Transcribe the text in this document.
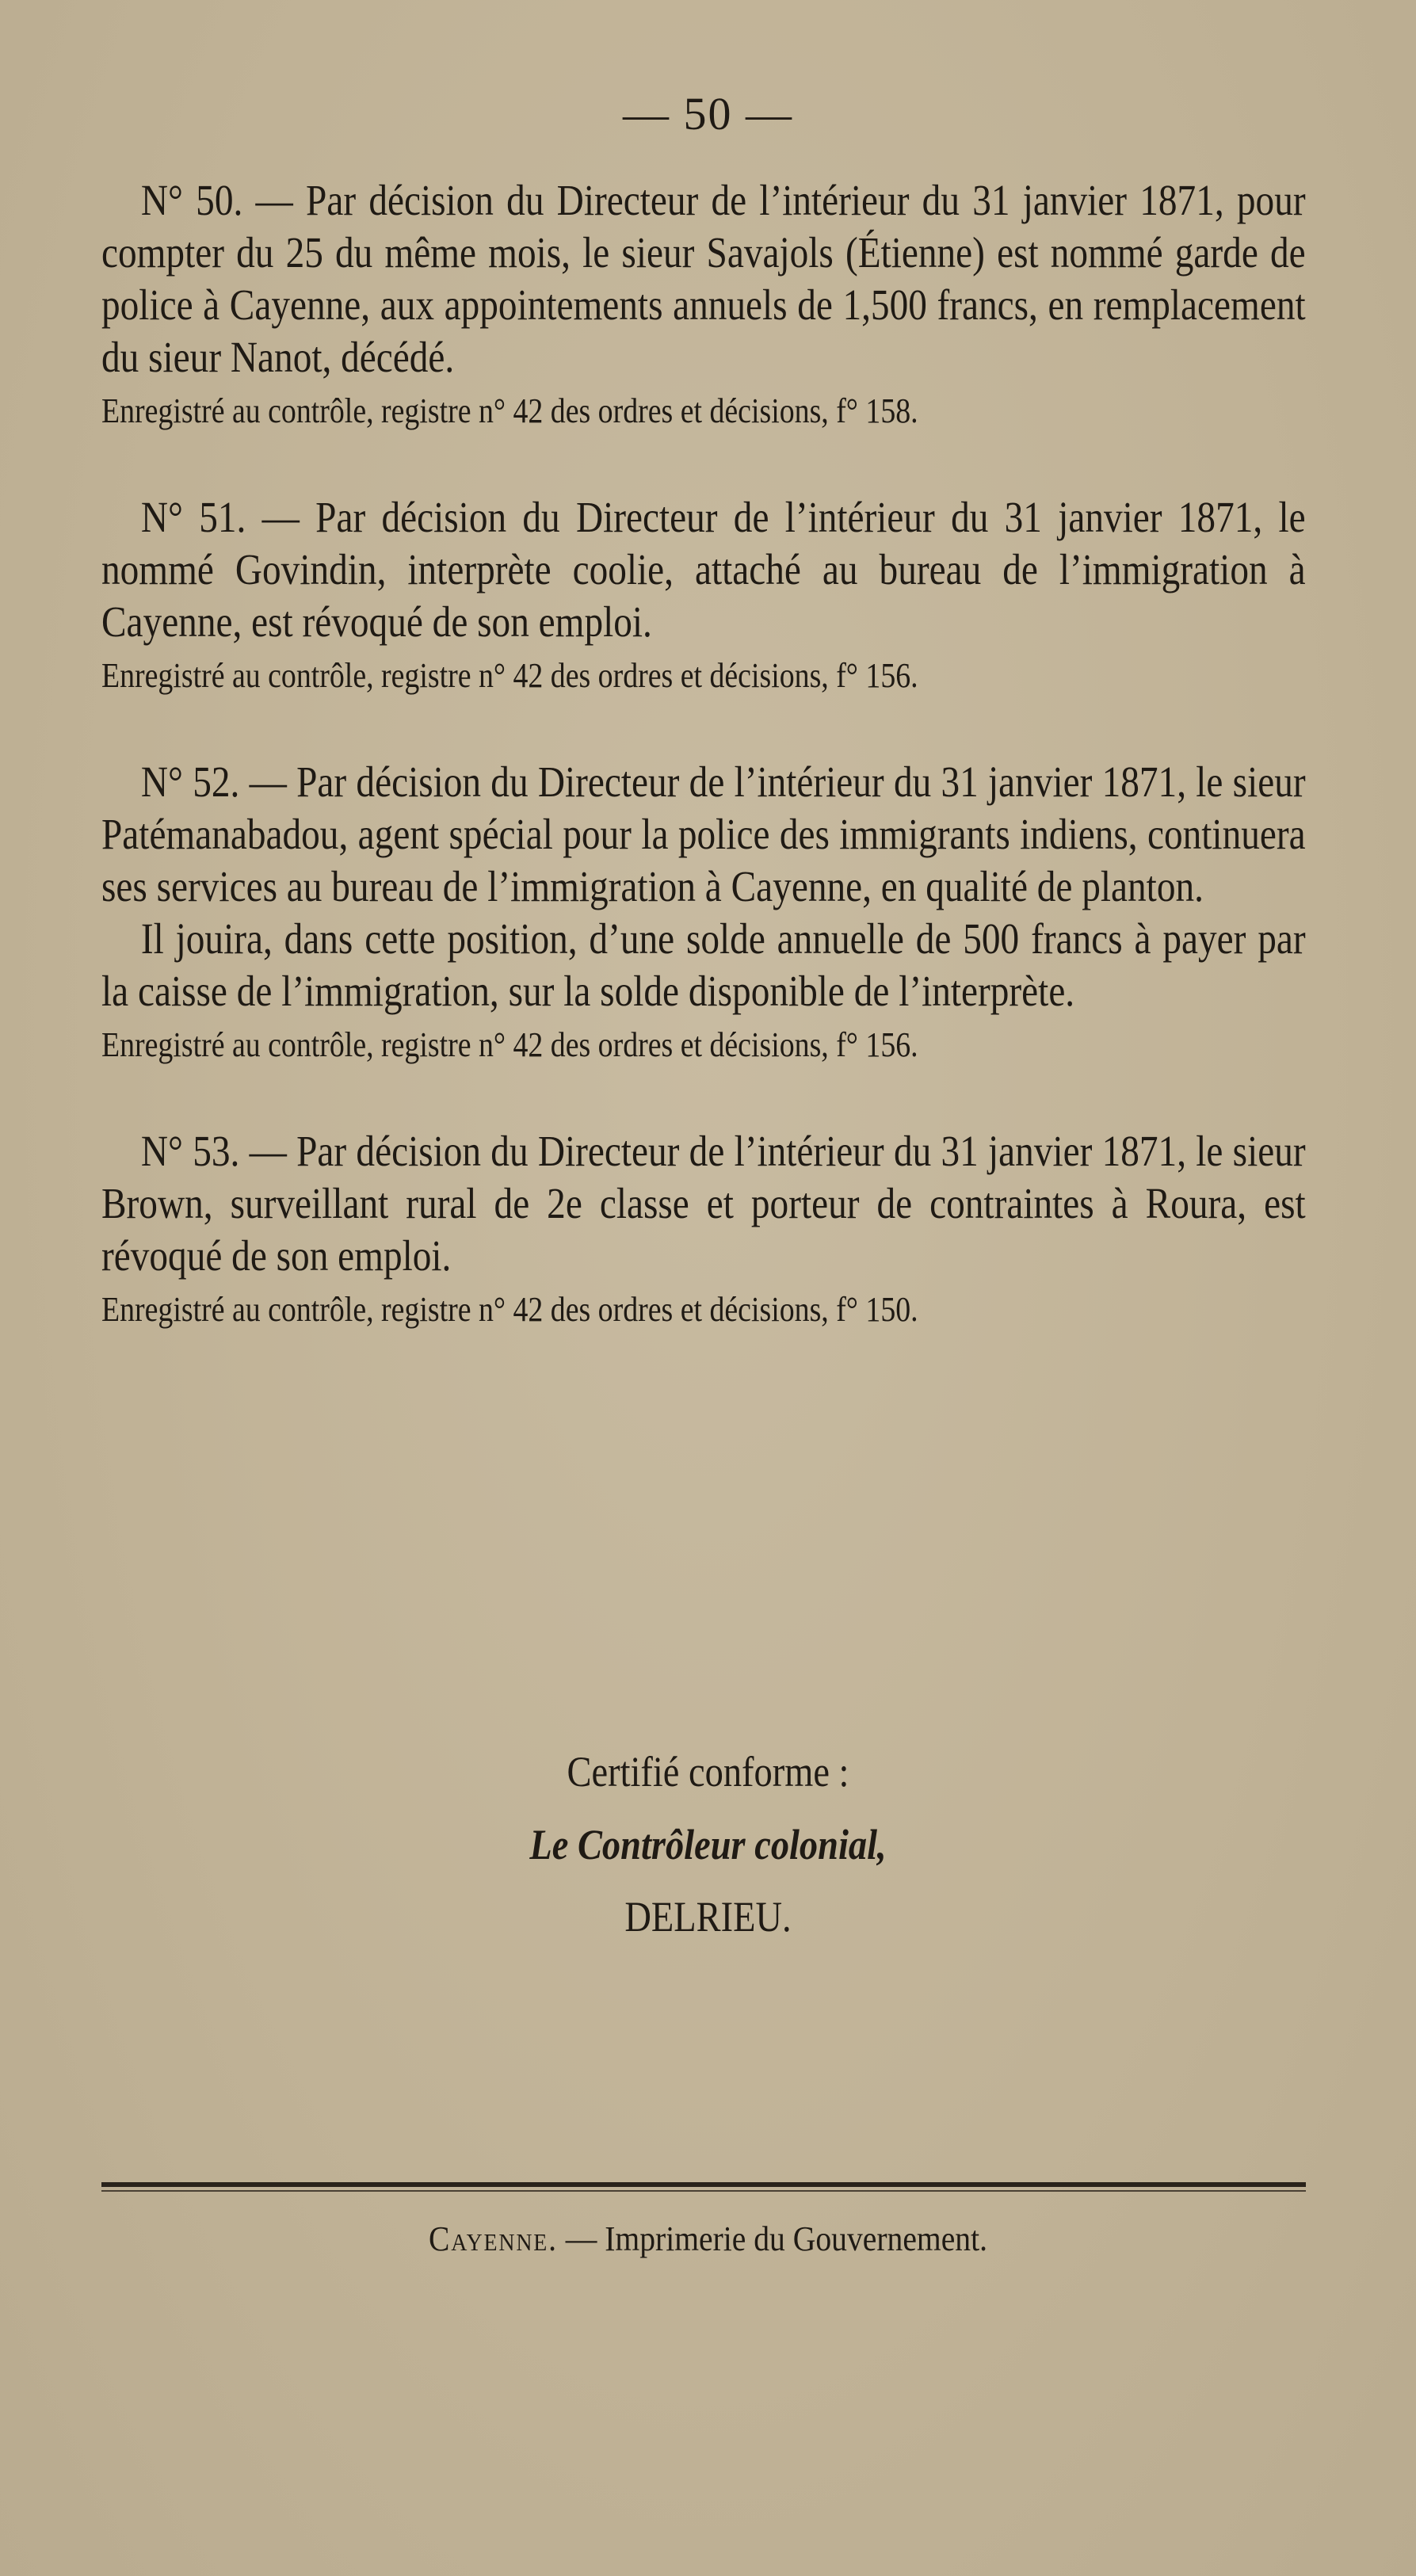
— 50 —

N° 50. — Par décision du Directeur de l’intérieur du 31 janvier 1871, pour compter du 25 du même mois, le sieur Savajols (Étienne) est nommé garde de police à Cayenne, aux appointements annuels de 1,500 francs, en remplacement du sieur Nanot, décédé.

Enregistré au contrôle, registre n° 42 des ordres et décisions, f° 158.

N° 51. — Par décision du Directeur de l’intérieur du 31 janvier 1871, le nommé Govindin, interprète coolie, attaché au bureau de l’immigration à Cayenne, est révoqué de son emploi.

Enregistré au contrôle, registre n° 42 des ordres et décisions, f° 156.

N° 52. — Par décision du Directeur de l’intérieur du 31 janvier 1871, le sieur Patémanabadou, agent spécial pour la police des immigrants indiens, continuera ses services au bureau de l’immigration à Cayenne, en qualité de planton.

Il jouira, dans cette position, d’une solde annuelle de 500 francs à payer par la caisse de l’immigration, sur la solde disponible de l’interprète.

Enregistré au contrôle, registre n° 42 des ordres et décisions, f° 156.

N° 53. — Par décision du Directeur de l’intérieur du 31 janvier 1871, le sieur Brown, surveillant rural de 2e classe et porteur de contraintes à Roura, est révoqué de son emploi.

Enregistré au contrôle, registre n° 42 des ordres et décisions, f° 150.

Certifié conforme :
Le Contrôleur colonial,
DELRIEU.
Cayenne. — Imprimerie du Gouvernement.
